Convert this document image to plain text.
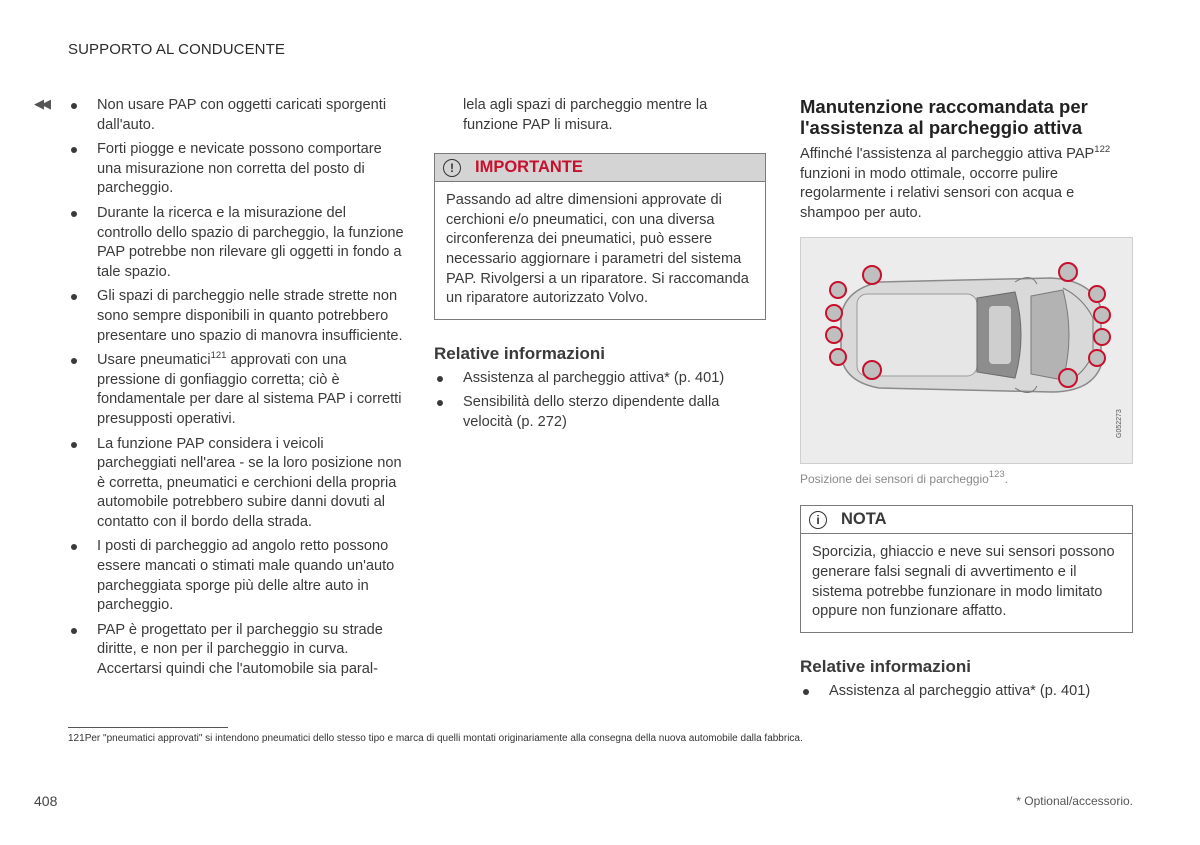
SUPPORTO AL CONDUCENTE
◀◀	Non usare PAP con oggetti caricati sporgenti dall'auto.
Forti piogge e nevicate possono comportare una misurazione non corretta del posto di parcheggio.
Durante la ricerca e la misurazione del controllo dello spazio di parcheggio, la funzione PAP potrebbe non rilevare gli oggetti in fondo a tale spazio.
Gli spazi di parcheggio nelle strade strette non sono sempre disponibili in quanto potrebbero presentare uno spazio di manovra insufficiente.
Usare pneumatici$^{121}$ approvati con una pressione di gonfiaggio corretta; ciò è fondamentale per dare al sistema PAP i corretti presupposti operativi.
La funzione PAP considera i veicoli parcheggiati nell'area - se la loro posizione non è corretta, pneumatici e cerchioni della propria automobile potrebbero subire danni dovuti al contatto con il bordo della strada.
I posti di parcheggio ad angolo retto possono essere mancati o stimati male quando un'auto parcheggiata sporge più delle altre auto in parcheggio.
PAP è progettato per il parcheggio su strade diritte, e non per il parcheggio in curva. Accertarsi quindi che l'automobile sia paral-
lela agli spazi di parcheggio mentre la funzione PAP li misura.
!	IMPORTANTE
Passando ad altre dimensioni approvate di cerchioni e/o pneumatici, con una diversa circonferenza dei pneumatici, può essere necessario aggiornare i parametri del sistema PAP. Rivolgersi a un riparatore. Si raccomanda un riparatore autorizzato Volvo.
Relative informazioni
Assistenza al parcheggio attiva* (p. 401)
Sensibilità dello sterzo dipendente dalla velocità (p. 272)
Manutenzione raccomandata per l'assistenza al parcheggio attiva

Affinché l'assistenza al parcheggio attiva PAP$^{122}$ funzioni in modo ottimale, occorre pulire regolarmente i relativi sensori con acqua e shampoo per auto.

G052273
Posizione dei sensori di parcheggio$^{123}$.
i	NOTA
Sporcizia, ghiaccio e neve sui sensori possono generare falsi segnali di avvertimento e il sistema potrebbe funzionare in modo limitato oppure non funzionare affatto.
Relative informazioni
Assistenza al parcheggio attiva* (p. 401)
121Per "pneumatici approvati" si intendono pneumatici dello stesso tipo e marca di quelli montati originariamente alla consegna della nuova automobile dalla fabbrica.
408	* Optional/accessorio.
